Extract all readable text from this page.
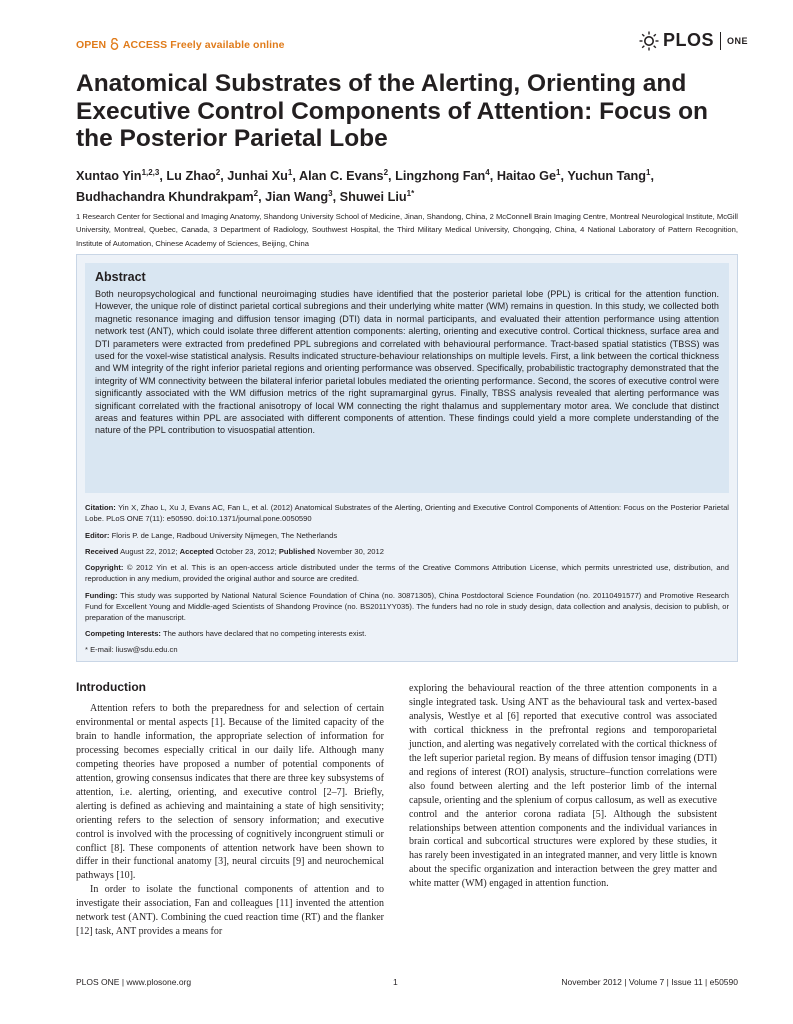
OPEN ACCESS Freely available online	PLOS ONE
Anatomical Substrates of the Alerting, Orienting and Executive Control Components of Attention: Focus on the Posterior Parietal Lobe
Xuntao Yin$^{1,2,3}$, Lu Zhao$^2$, Junhai Xu$^1$, Alan C. Evans$^2$, Lingzhong Fan$^4$, Haitao Ge$^1$, Yuchun Tang$^1$, Budhachandra Khundrakpam$^2$, Jian Wang$^3$, Shuwei Liu$^{1*}$

1 Research Center for Sectional and Imaging Anatomy, Shandong University School of Medicine, Jinan, Shandong, China, 2 McConnell Brain Imaging Centre, Montreal Neurological Institute, McGill University, Montreal, Quebec, Canada, 3 Department of Radiology, Southwest Hospital, the Third Military Medical University, Chongqing, China, 4 National Laboratory of Pattern Recognition, Institute of Automation, Chinese Academy of Sciences, Beijing, China

Abstract

Both neuropsychological and functional neuroimaging studies have identified that the posterior parietal lobe (PPL) is critical for the attention function. However, the unique role of distinct parietal cortical subregions and their underlying white matter (WM) remains in question. In this study, we collected both magnetic resonance imaging and diffusion tensor imaging (DTI) data in normal participants, and evaluated their attention performance using attention network test (ANT), which could isolate three different attention components: alerting, orienting and executive control. Cortical thickness, surface area and DTI parameters were extracted from predefined PPL subregions and correlated with behavioural performance. Tract-based spatial statistics (TBSS) was used for the voxel-wise statistical analysis. Results indicated structure-behaviour relationships on multiple levels. First, a link between the cortical thickness and WM integrity of the right inferior parietal regions and orienting performance was observed. Specifically, probabilistic tractography demonstrated that the integrity of WM connectivity between the bilateral inferior parietal lobules mediated the orienting performance. Second, the scores of executive control were significantly associated with the WM diffusion metrics of the right supramarginal gyrus. Finally, TBSS analysis revealed that alerting performance was significant correlated with the fractional anisotropy of local WM connecting the right thalamus and supplementary motor area. We conclude that distinct areas and features within PPL are associated with different components of attention. These findings could yield a more complete understanding of the nature of the PPL contribution to visuospatial attention.

Citation: Yin X, Zhao L, Xu J, Evans AC, Fan L, et al. (2012) Anatomical Substrates of the Alerting, Orienting and Executive Control Components of Attention: Focus on the Posterior Parietal Lobe. PLoS ONE 7(11): e50590. doi:10.1371/journal.pone.0050590

Editor: Floris P. de Lange, Radboud University Nijmegen, The Netherlands

Received August 22, 2012; Accepted October 23, 2012; Published November 30, 2012

Copyright: © 2012 Yin et al. This is an open-access article distributed under the terms of the Creative Commons Attribution License, which permits unrestricted use, distribution, and reproduction in any medium, provided the original author and source are credited.

Funding: This study was supported by National Natural Science Foundation of China (no. 30871305), China Postdoctoral Science Foundation (no. 20110491577) and Promotive Research Fund for Excellent Young and Middle-aged Scientists of Shandong Province (no. BS2011YY035). The funders had no role in study design, data collection and analysis, decision to publish, or preparation of the manuscript.

Competing Interests: The authors have declared that no competing interests exist.

* E-mail: liusw@sdu.edu.cn

Introduction

Attention refers to both the preparedness for and selection of certain environmental or mental aspects [1]. Because of the limited capacity of the brain to handle information, the appropriate selection of information for processing becomes especially critical in our daily life. Although many competing theories have proposed a number of potential components of attention, growing consensus indicates that there are three key subsystems of attention, i.e. alerting, orienting, and executive control [2–7]. Briefly, alerting is defined as achieving and maintaining a state of high sensitivity; orienting refers to the selection of sensory information; and executive control is involved with the processing of cognitively incongruent stimuli or conflict [8]. These components of attention network have been shown to differ in their functional anatomy [3], neural circuits [9] and neurochemical pathways [10].

In order to isolate the functional components of attention and to investigate their association, Fan and colleagues [11] invented the attention network test (ANT). Combining the cued reaction time (RT) and the flanker [12] task, ANT provides a means for

exploring the behavioural reaction of the three attention components in a single integrated task. Using ANT as the behavioural task and vertex-based analysis, Westlye et al [6] reported that executive control was associated with cortical thickness in the prefrontal regions and temporoparietal junction, and alerting was negatively correlated with the cortical thickness of the left superior parietal region. By means of diffusion tensor imaging (DTI) and regions of interest (ROI) analysis, structure–function correlations were also found between alerting and the left posterior limb of the internal capsule, orienting and the splenium of corpus callosum, as well as executive control and the anterior corona radiata [5]. Although the subsistent relationships between attention components and the individual variances in brain cortical and subcortical structures were explored by these studies, it has rarely been investigated in an integrated manner, and very little is known about the specific organization and interaction between the grey matter and white matter (WM) engaged in attention function.

PLOS ONE | www.plosone.org	1	November 2012 | Volume 7 | Issue 11 | e50590
